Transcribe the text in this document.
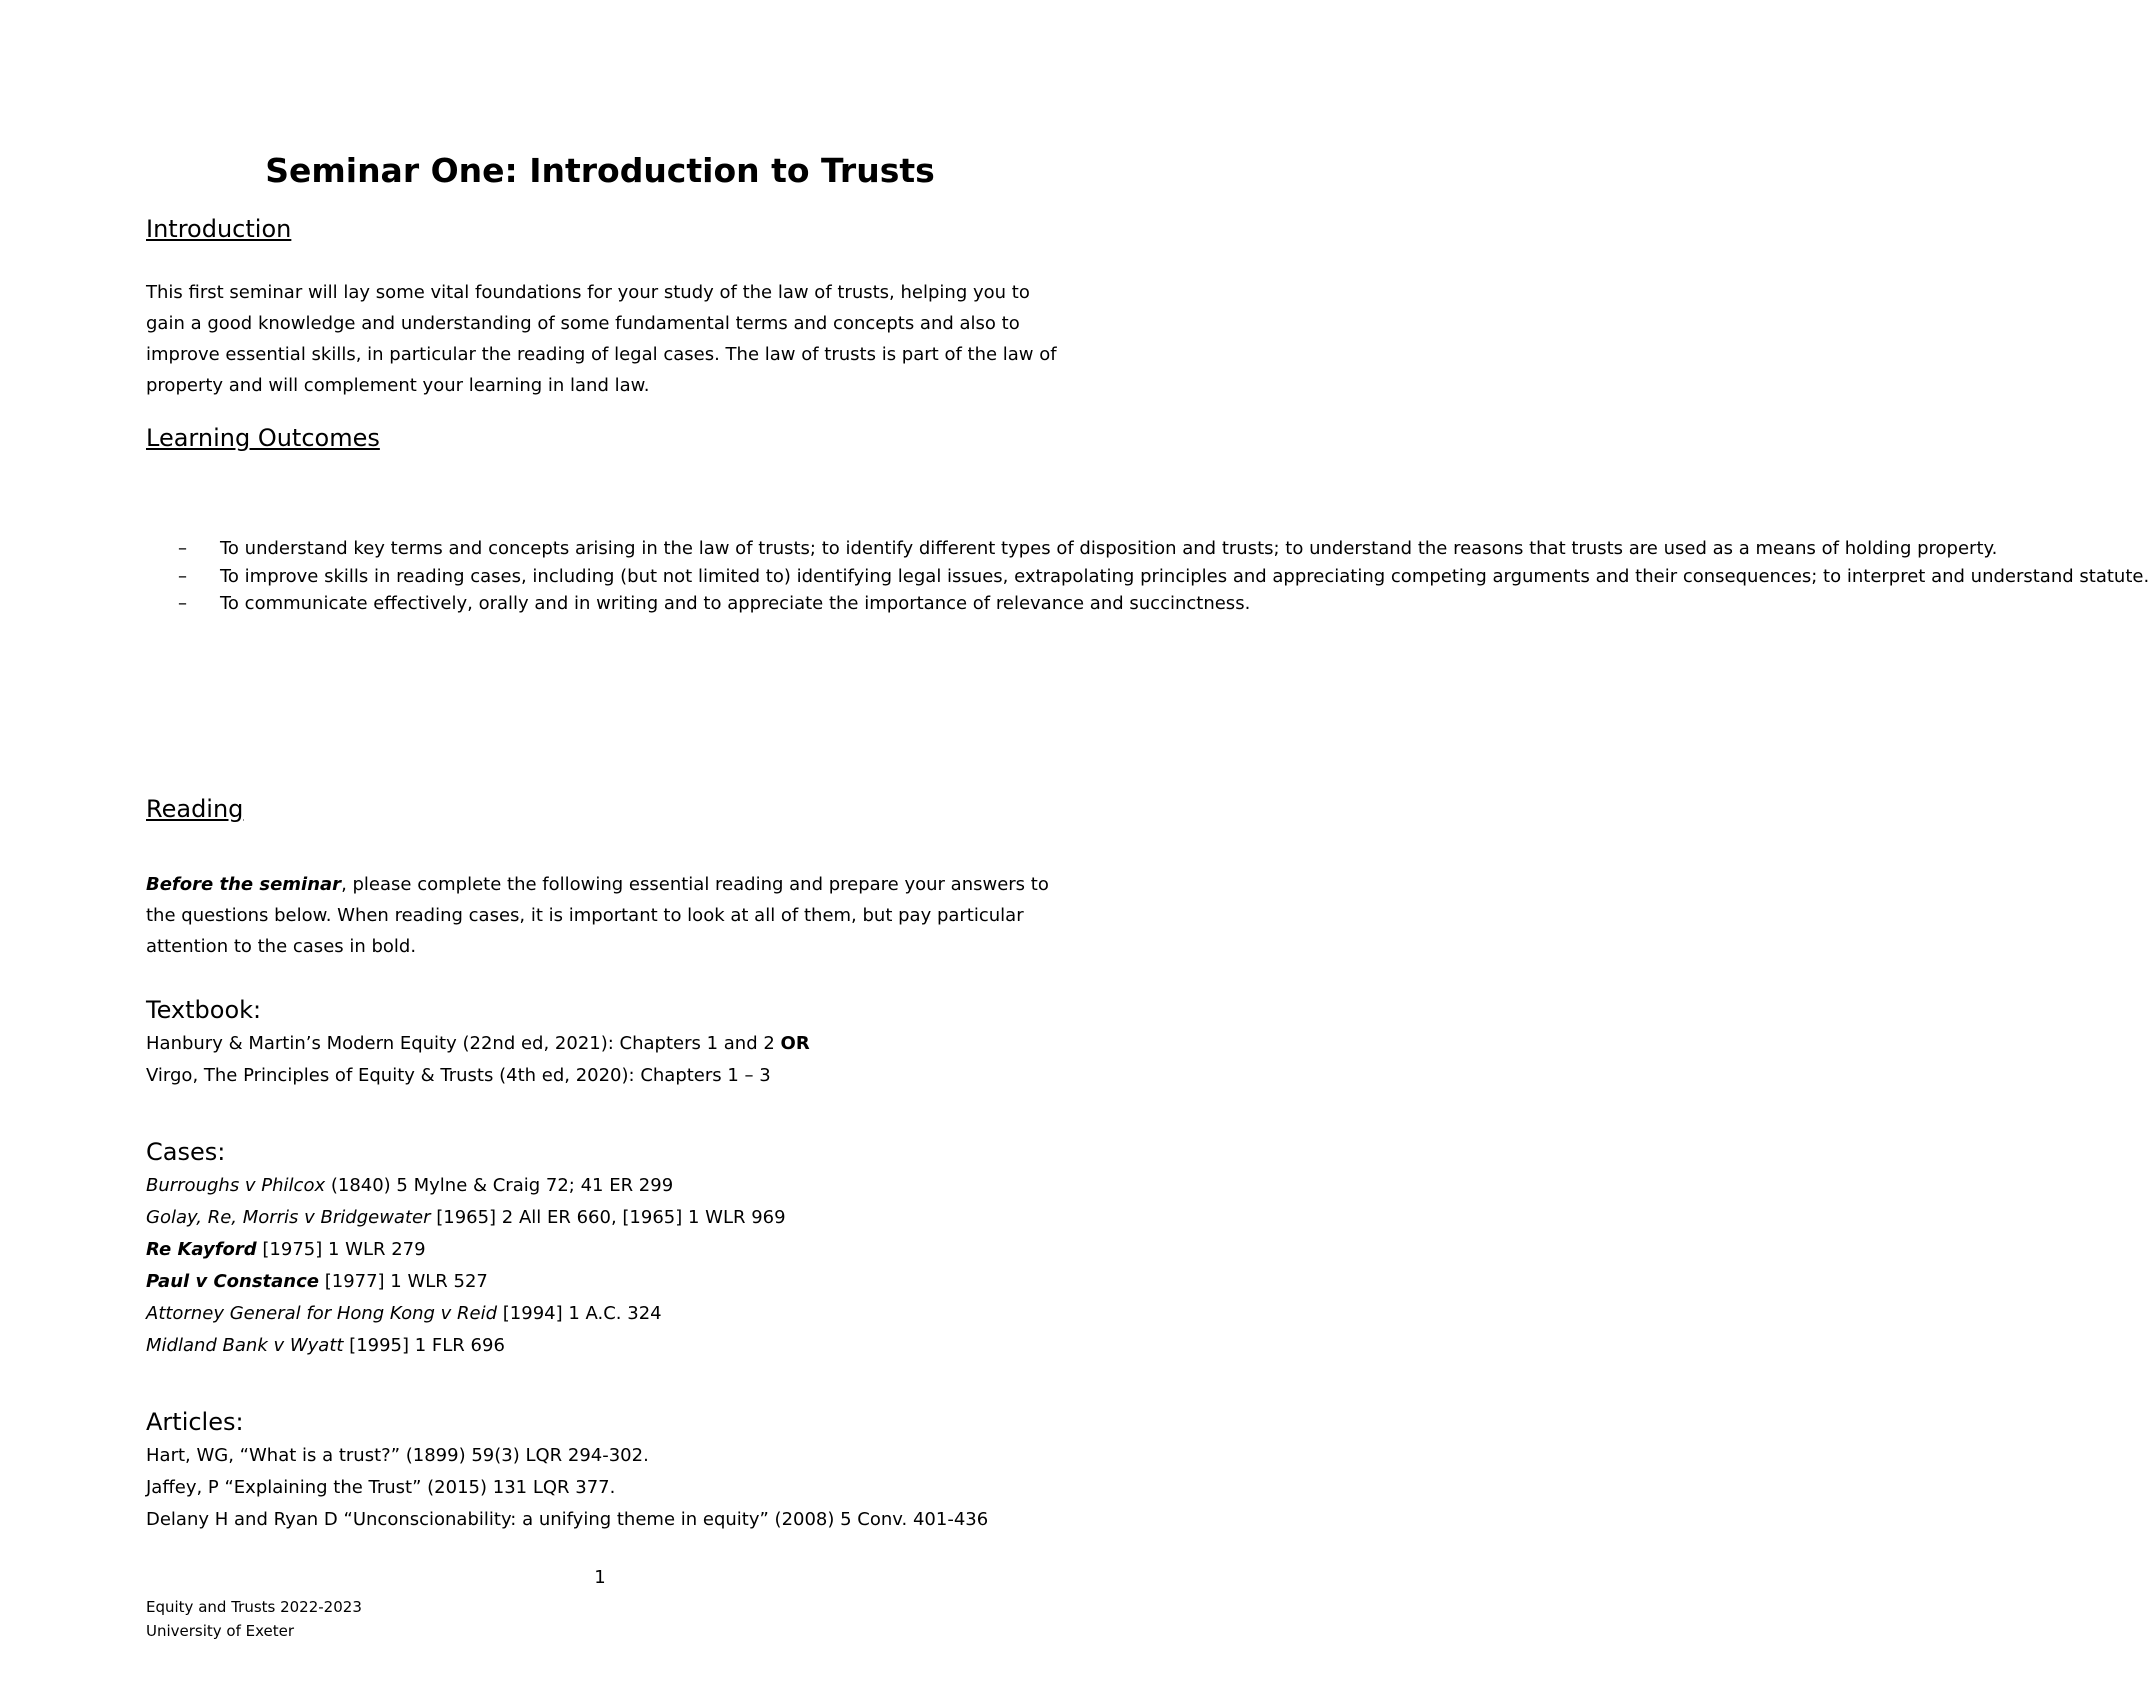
Seminar One: Introduction to Trusts
Introduction
This first seminar will lay some vital foundations for your study of the law of trusts, helping you to gain a good knowledge and understanding of some fundamental terms and concepts and also to improve essential skills, in particular the reading of legal cases. The law of trusts is part of the law of property and will complement your learning in land law.
Learning Outcomes
– To understand key terms and concepts arising in the law of trusts; to identify different types of disposition and trusts; to understand the reasons that trusts are used as a means of holding property.
– To improve skills in reading cases, including (but not limited to) identifying legal issues, extrapolating principles and appreciating competing arguments and their consequences; to interpret and understand statute.
– To communicate effectively, orally and in writing and to appreciate the importance of relevance and succinctness.
Reading
Before the seminar, please complete the following essential reading and prepare your answers to the questions below. When reading cases, it is important to look at all of them, but pay particular attention to the cases in bold.
Textbook:
Hanbury & Martin’s Modern Equity (22nd ed, 2021): Chapters 1 and 2 OR
Virgo, The Principles of Equity & Trusts (4th ed, 2020): Chapters 1 – 3
Cases:
Burroughs v Philcox (1840) 5 Mylne & Craig 72; 41 ER 299
Golay, Re, Morris v Bridgewater [1965] 2 All ER 660, [1965] 1 WLR 969
Re Kayford [1975] 1 WLR 279
Paul v Constance [1977] 1 WLR 527
Attorney General for Hong Kong v Reid [1994] 1 A.C. 324
Midland Bank v Wyatt [1995] 1 FLR 696
Articles:
Hart, WG, “What is a trust?” (1899) 59(3) LQR 294-302.
Jaffey, P “Explaining the Trust” (2015) 131 LQR 377.
Delany H and Ryan D “Unconscionability: a unifying theme in equity” (2008) 5 Conv. 401-436
1
Equity and Trusts 2022-2023
University of Exeter
